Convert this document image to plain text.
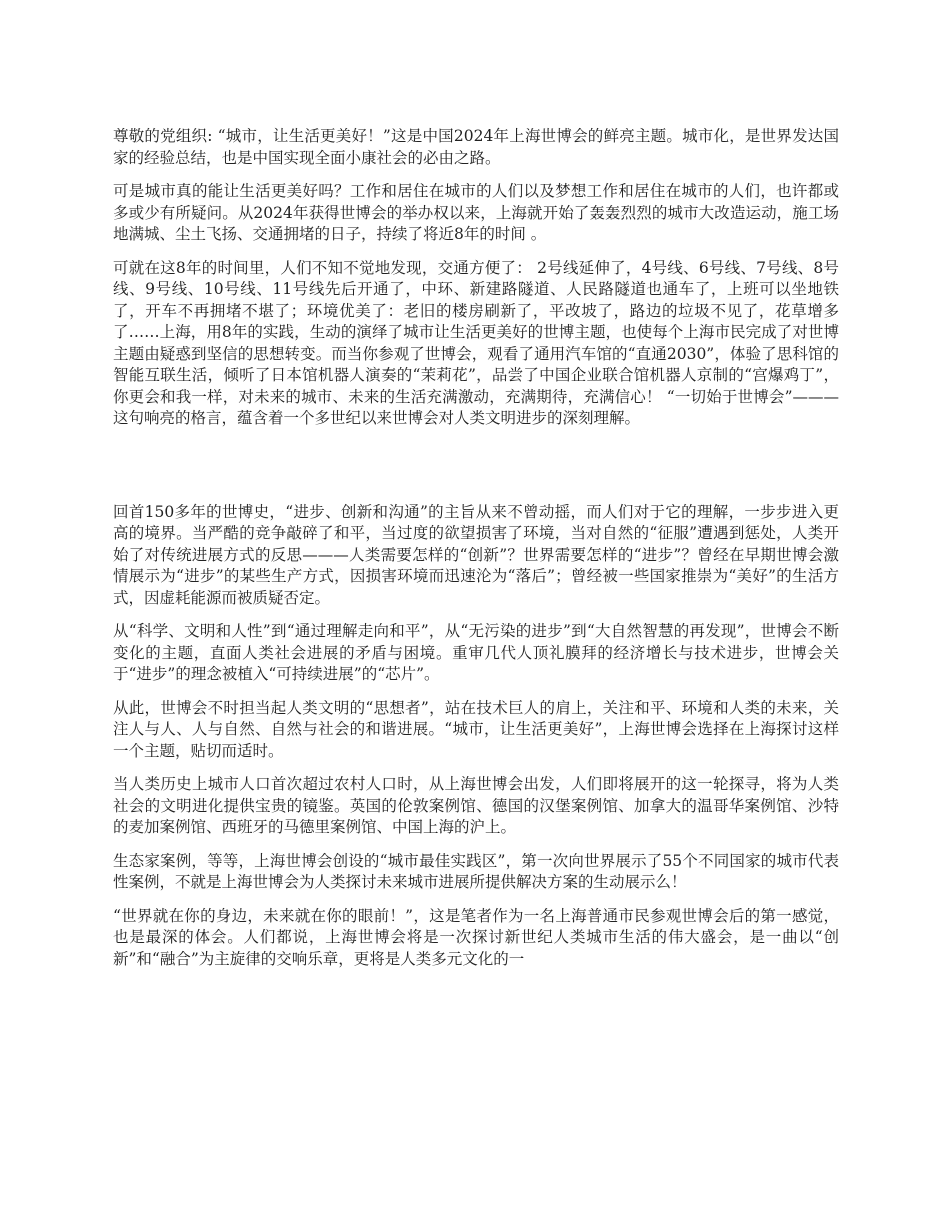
尊敬的党组织: “城市，让生活更美好！”这是中国2024年上海世博会的鲜亮主题。城市化，是世界发达国家的经验总结，也是中国实现全面小康社会的必由之路。

可是城市真的能让生活更美好吗？工作和居住在城市的人们以及梦想工作和居住在城市的人们，也许都或多或少有所疑问。从2024年获得世博会的举办权以来，上海就开始了轰轰烈烈的城市大改造运动，施工场地满城、尘土飞扬、交通拥堵的日子，持续了将近8年的时间 。

可就在这8年的时间里，人们不知不觉地发现，交通方便了： 2号线延伸了，4号线、6号线、7号线、8号线、9号线、10号线、11号线先后开通了，中环、新建路隧道、人民路隧道也通车了，上班可以坐地铁了，开车不再拥堵不堪了；环境优美了：老旧的楼房刷新了，平改坡了，路边的垃圾不见了，花草增多了……上海，用8年的实践，生动的演绎了城市让生活更美好的世博主题，也使每个上海市民完成了对世博主题由疑惑到坚信的思想转变。而当你参观了世博会，观看了通用汽车馆的“直通2030”，体验了思科馆的智能互联生活，倾听了日本馆机器人演奏的“茉莉花”，品尝了中国企业联合馆机器人京制的“宫爆鸡丁”，你更会和我一样，对未来的城市、未来的生活充满激动，充满期待，充满信心！ “一切始于世博会”———这句响亮的格言，蕴含着一个多世纪以来世博会对人类文明进步的深刻理解。

回首150多年的世博史，“进步、创新和沟通”的主旨从来不曾动摇，而人们对于它的理解，一步步进入更高的境界。当严酷的竞争敲碎了和平，当过度的欲望损害了环境，当对自然的“征服”遭遇到惩处，人类开始了对传统进展方式的反思———人类需要怎样的“创新”？世界需要怎样的“进步”？曾经在早期世博会激情展示为“进步”的某些生产方式，因损害环境而迅速沦为“落后”；曾经被一些国家推崇为“美好”的生活方式，因虚耗能源而被质疑否定。

从“科学、文明和人性”到“通过理解走向和平”，从“无污染的进步”到“大自然智慧的再发现”，世博会不断变化的主题，直面人类社会进展的矛盾与困境。重审几代人顶礼膜拜的经济增长与技术进步，世博会关于“进步”的理念被植入“可持续进展”的“芯片”。

从此，世博会不时担当起人类文明的“思想者”，站在技术巨人的肩上，关注和平、环境和人类的未来，关注人与人、人与自然、自然与社会的和谐进展。“城市，让生活更美好”，上海世博会选择在上海探讨这样一个主题，贴切而适时。

当人类历史上城市人口首次超过农村人口时，从上海世博会出发，人们即将展开的这一轮探寻，将为人类社会的文明进化提供宝贵的镜鉴。英国的伦敦案例馆、德国的汉堡案例馆、加拿大的温哥华案例馆、沙特的麦加案例馆、西班牙的马德里案例馆、中国上海的沪上。

生态家案例，等等，上海世博会创设的“城市最佳实践区”，第一次向世界展示了55个不同国家的城市代表性案例，不就是上海世博会为人类探讨未来城市进展所提供解决方案的生动展示么！

“世界就在你的身边，未来就在你的眼前！”，这是笔者作为一名上海普通市民参观世博会后的第一感觉，也是最深的体会。人们都说，上海世博会将是一次探讨新世纪人类城市生活的伟大盛会，是一曲以“创新”和“融合”为主旋律的交响乐章，更将是人类多元文化的一
